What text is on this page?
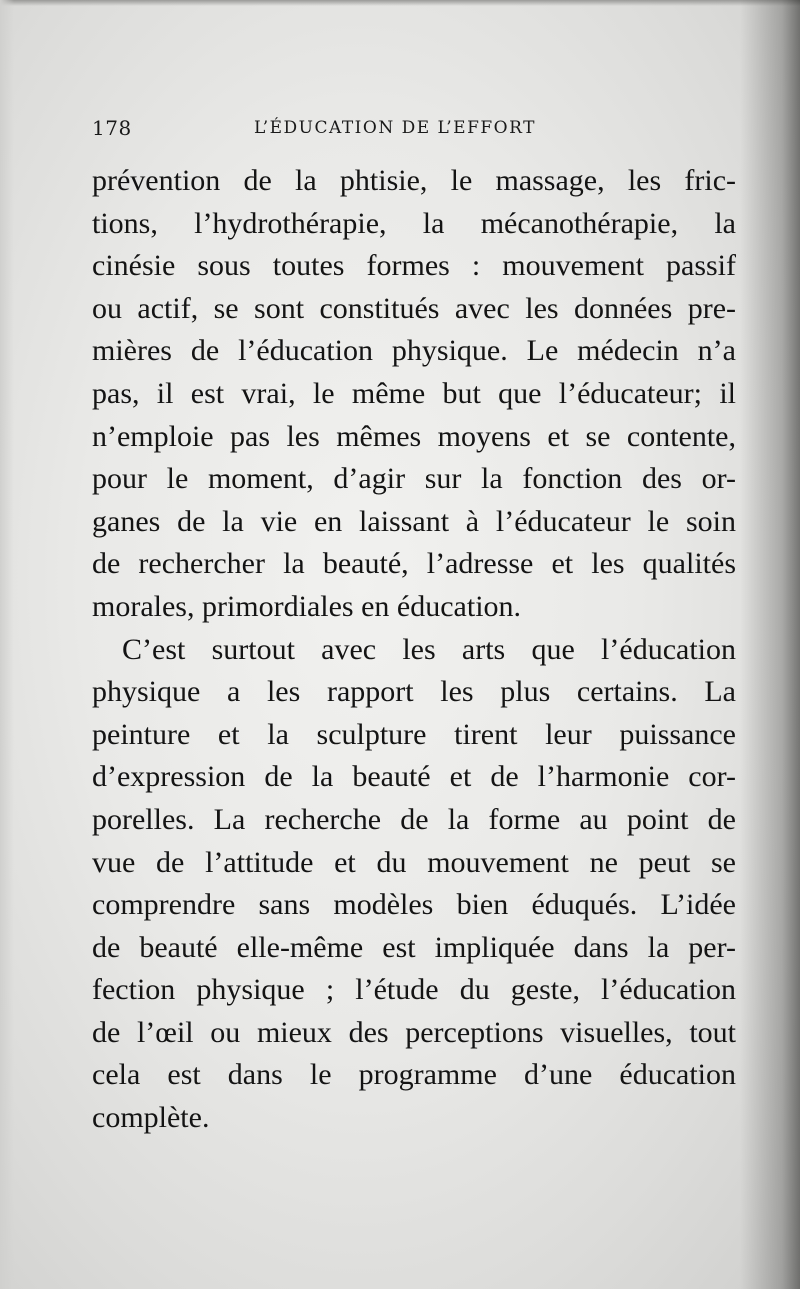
178	L’ÉDUCATION DE L’EFFORT
prévention de la phtisie, le massage, les fric-
tions, l’hydrothérapie, la mécanothérapie, la
cinésie sous toutes formes : mouvement passif
ou actif, se sont constitués avec les données pre-
mières de l’éducation physique. Le médecin n’a
pas, il est vrai, le même but que l’éducateur; il
n’emploie pas les mêmes moyens et se contente,
pour le moment, d’agir sur la fonction des or-
ganes de la vie en laissant à l’éducateur le soin
de rechercher la beauté, l’adresse et les qualités
morales, primordiales en éducation.
C’est surtout avec les arts que l’éducation
physique a les rapport les plus certains. La
peinture et la sculpture tirent leur puissance
d’expression de la beauté et de l’harmonie cor-
porelles. La recherche de la forme au point de
vue de l’attitude et du mouvement ne peut se
comprendre sans modèles bien éduqués. L’idée
de beauté elle-même est impliquée dans la per-
fection physique ; l’étude du geste, l’éducation
de l’œil ou mieux des perceptions visuelles, tout
cela est dans le programme d’une éducation
complète.
